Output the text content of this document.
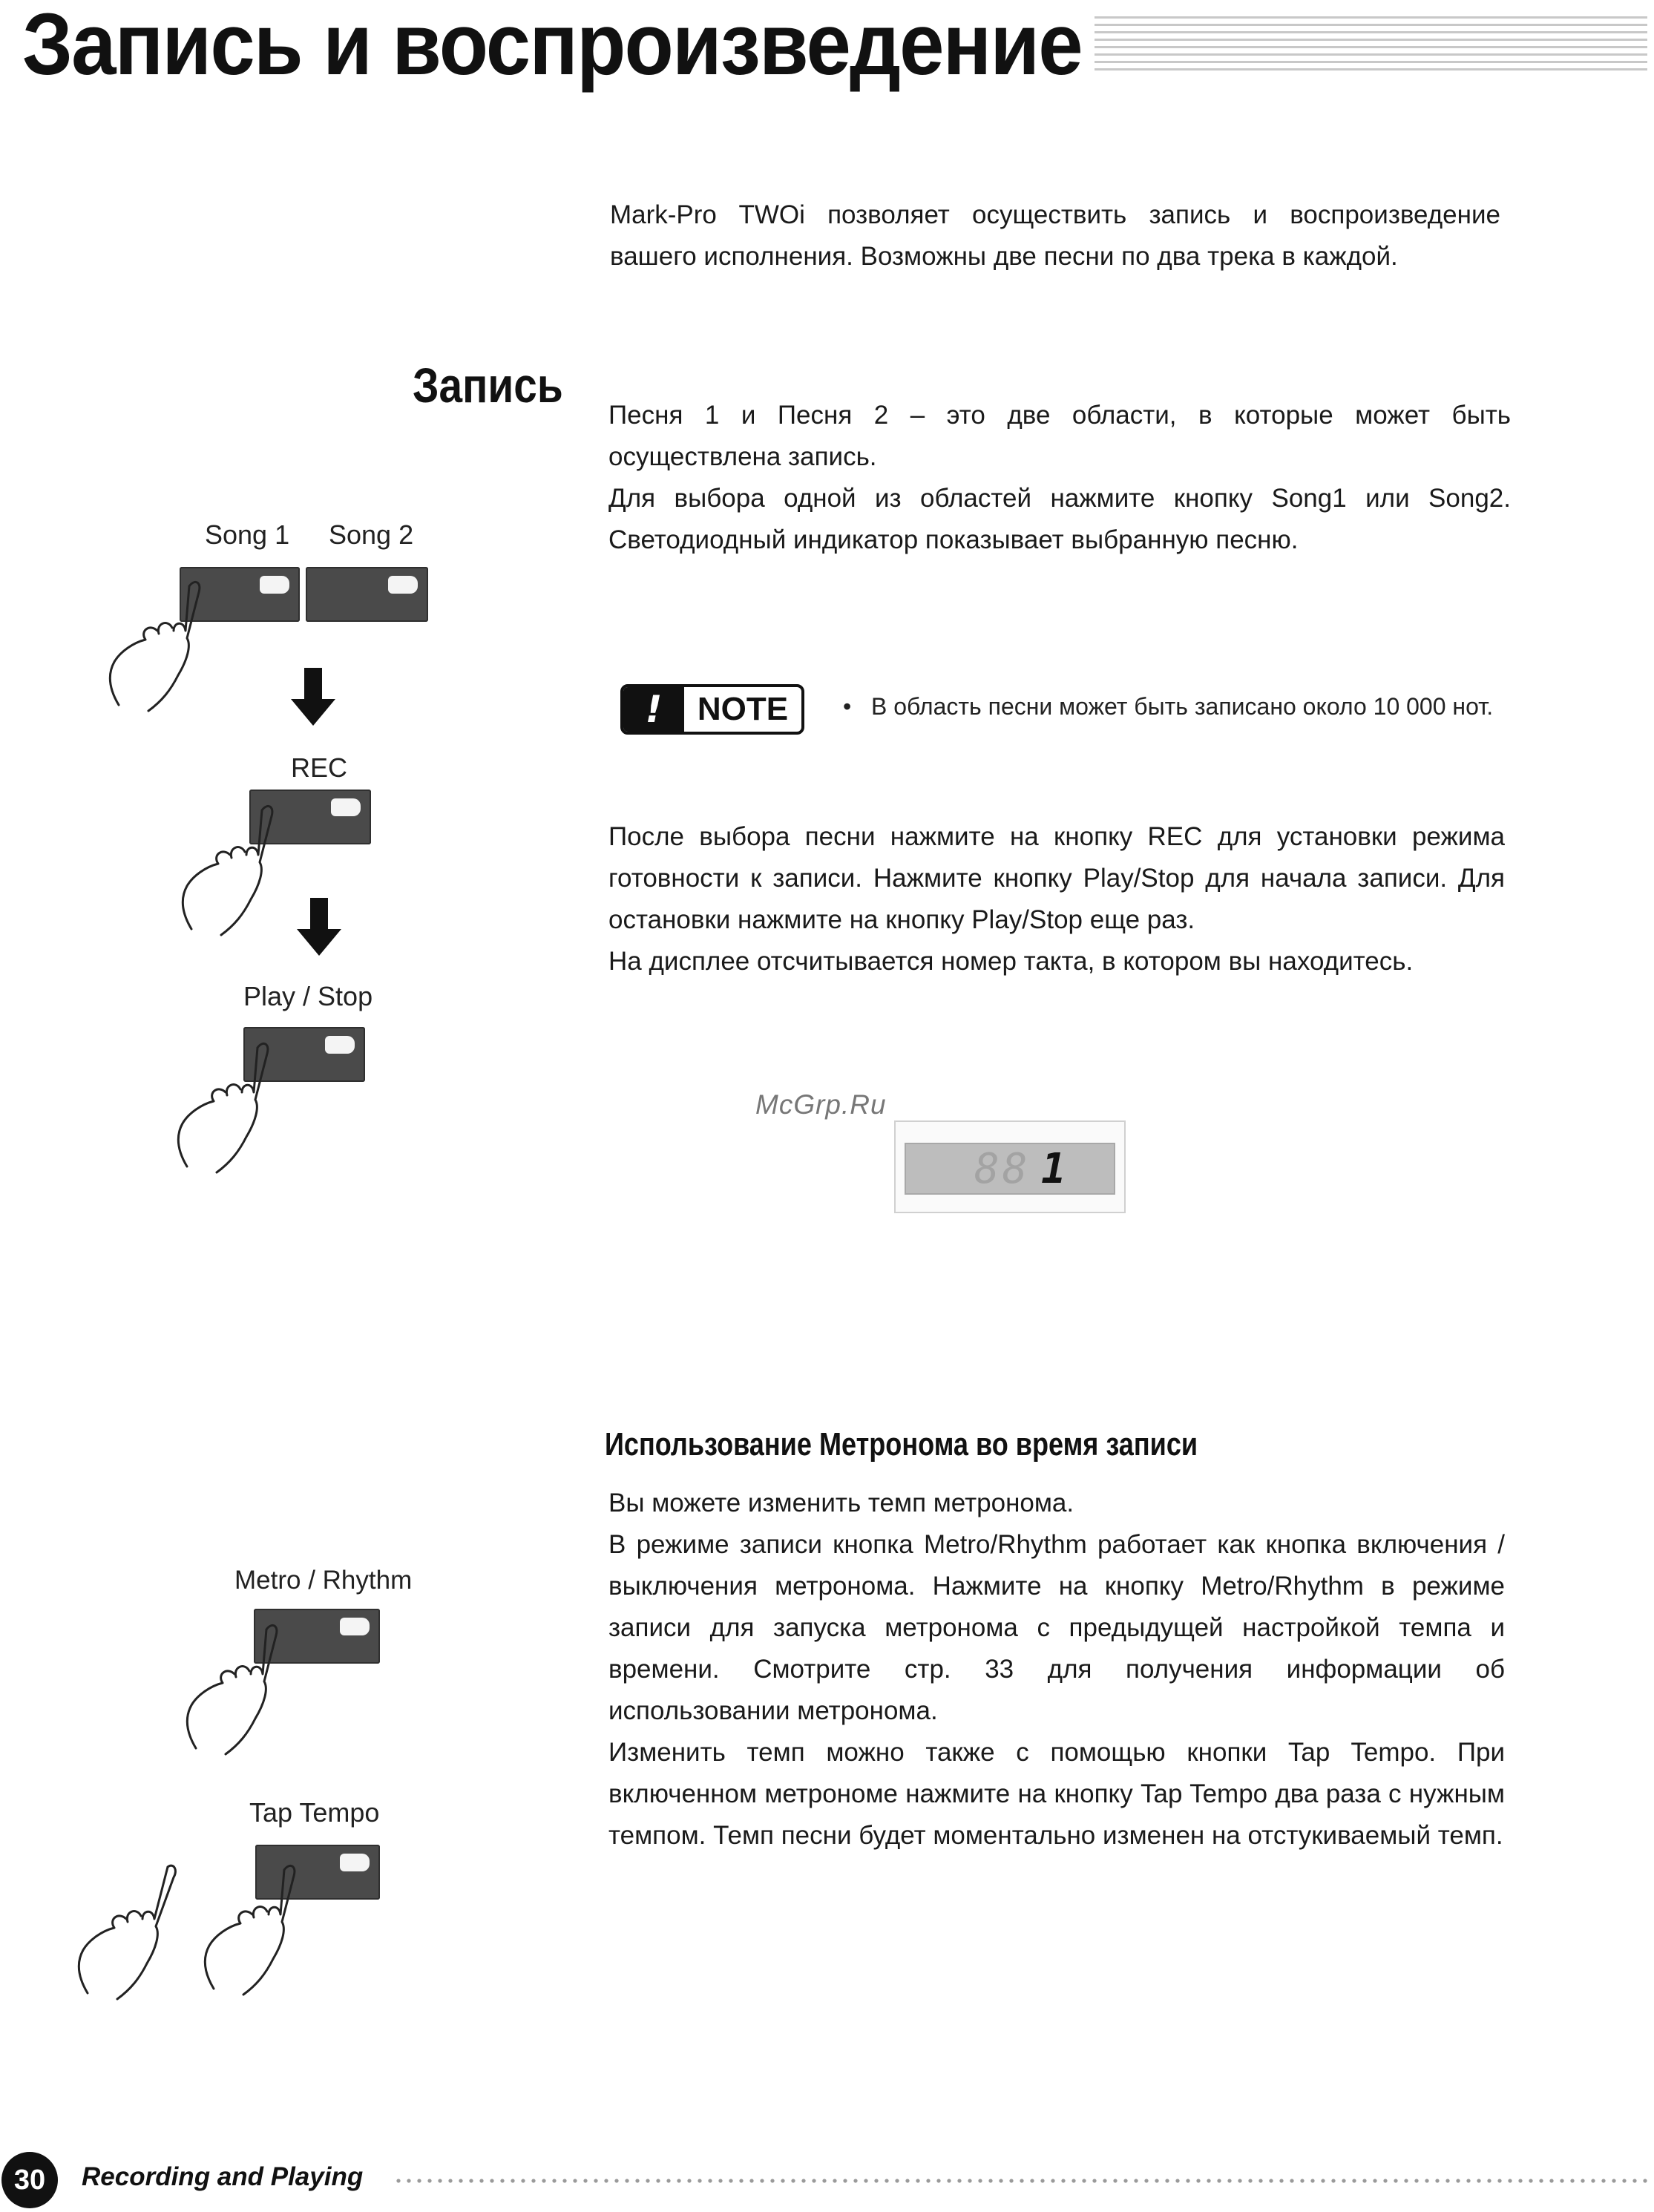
Запись и воспроизведение
Mark-Pro TWOi позволяет осуществить запись и воспроизведение вашего исполнения. Возможны две песни по два трека в каждой.
Запись
Песня 1 и Песня 2 – это две области, в которые может быть осуществлена запись.
Для выбора одной из областей нажмите кнопку Song1 или Song2. Светодиодный индикатор показывает выбранную песню.
!	NOTE	• В область песни может быть записано около 10 000 нот.
После выбора песни нажмите на кнопку REC для установки режима готовности к записи. Нажмите кнопку Play/Stop для начала записи. Для остановки нажмите на кнопку Play/Stop еще раз.
На дисплее отсчитывается номер такта, в котором вы находитесь.
McGrp.Ru
88 1
Song 1 Song 2
REC
Play / Stop
Использование Метронома во время записи
Вы можете изменить темп метронома.
В режиме записи кнопка Metro/Rhythm работает как кнопка включения / выключения метронома. Нажмите на кнопку Metro/Rhythm в режиме записи для запуска метронома с предыдущей настройкой темпа и времени. Смотрите стр. 33 для получения информации об использовании метронома.
Изменить темп можно также с помощью кнопки Tap Tempo. При включенном метрономе нажмите на кнопку Tap Tempo два раза с нужным темпом. Темп песни будет моментально изменен на отстукиваемый темп.
Metro / Rhythm
Tap Tempo
30	Recording and Playing
